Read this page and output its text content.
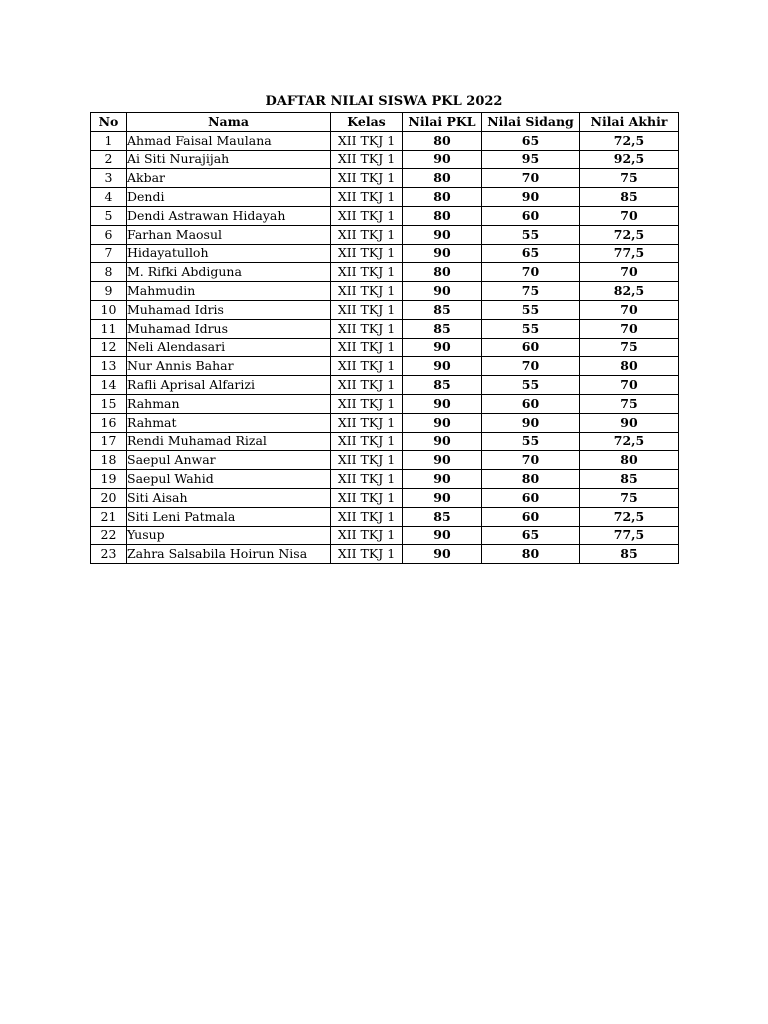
DAFTAR NILAI SISWA PKL 2022
No	Nama	Kelas	Nilai PKL	Nilai Sidang	Nilai Akhir
1	Ahmad Faisal Maulana	XII TKJ 1	80	65	72,5
2	Ai Siti Nurajijah	XII TKJ 1	90	95	92,5
3	Akbar	XII TKJ 1	80	70	75
4	Dendi	XII TKJ 1	80	90	85
5	Dendi Astrawan Hidayah	XII TKJ 1	80	60	70
6	Farhan Maosul	XII TKJ 1	90	55	72,5
7	Hidayatulloh	XII TKJ 1	90	65	77,5
8	M. Rifki Abdiguna	XII TKJ 1	80	70	70
9	Mahmudin	XII TKJ 1	90	75	82,5
10	Muhamad Idris	XII TKJ 1	85	55	70
11	Muhamad Idrus	XII TKJ 1	85	55	70
12	Neli Alendasari	XII TKJ 1	90	60	75
13	Nur Annis Bahar	XII TKJ 1	90	70	80
14	Rafli Aprisal Alfarizi	XII TKJ 1	85	55	70
15	Rahman	XII TKJ 1	90	60	75
16	Rahmat	XII TKJ 1	90	90	90
17	Rendi Muhamad Rizal	XII TKJ 1	90	55	72,5
18	Saepul Anwar	XII TKJ 1	90	70	80
19	Saepul Wahid	XII TKJ 1	90	80	85
20	Siti Aisah	XII TKJ 1	90	60	75
21	Siti Leni Patmala	XII TKJ 1	85	60	72,5
22	Yusup	XII TKJ 1	90	65	77,5
23	Zahra Salsabila Hoirun Nisa	XII TKJ 1	90	80	85
